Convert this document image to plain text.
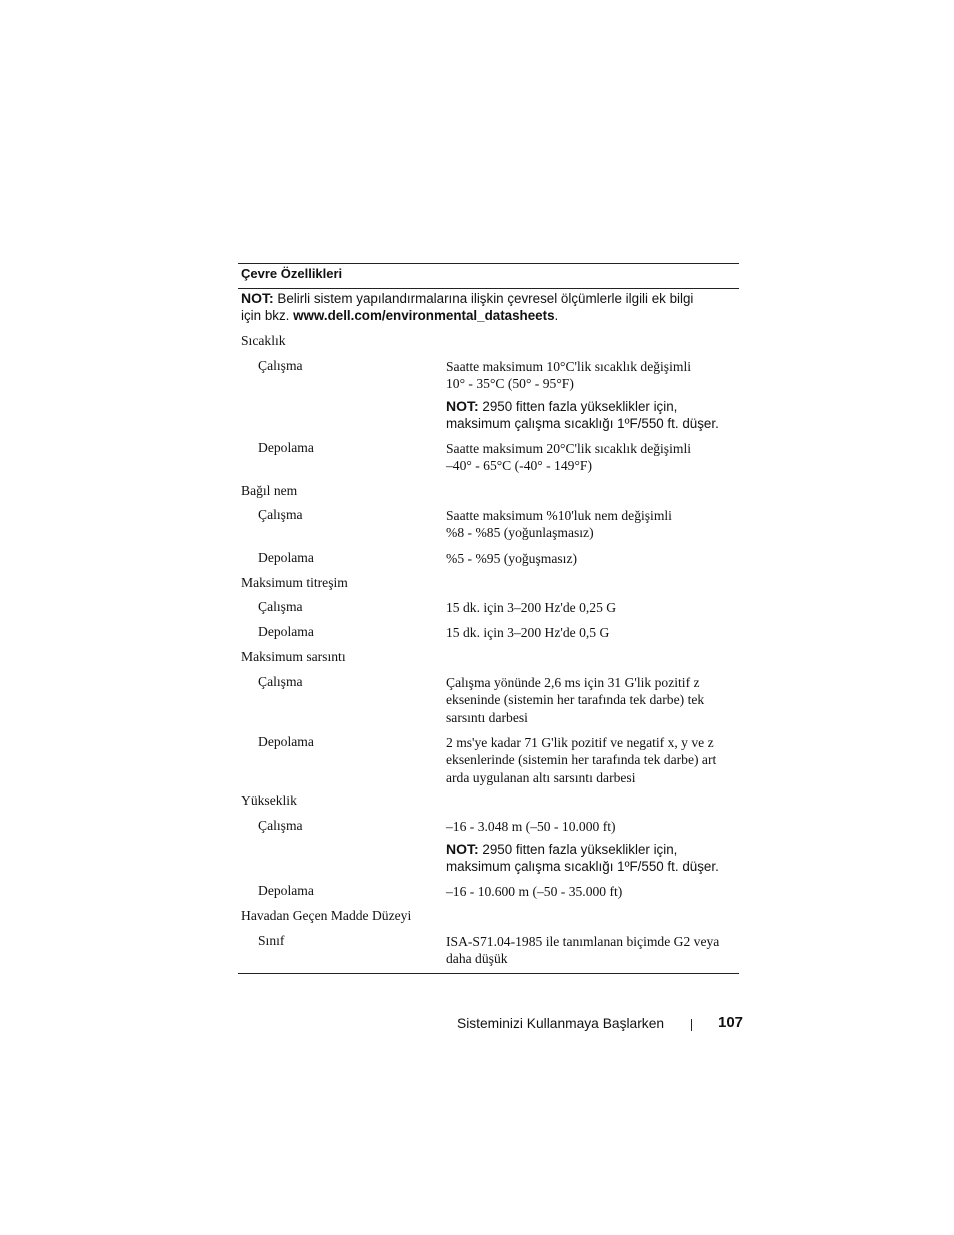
Çevre Özellikleri
NOT: Belirli sistem yapılandırmalarına ilişkin çevresel ölçümlerle ilgili ek bilgi
için bkz. www.dell.com/environmental_datasheets.
Sıcaklık
Çalışma	Saatte maksimum 10°C'lik sıcaklık değişimli
10° - 35°C (50° - 95°F)
NOT: 2950 fitten fazla yükseklikler için,
maksimum çalışma sıcaklığı 1ºF/550 ft. düşer.
Depolama	Saatte maksimum 20°C'lik sıcaklık değişimli
–40° - 65°C (-40° - 149°F)
Bağıl nem
Çalışma	Saatte maksimum %10'luk nem değişimli
%8 - %85 (yoğunlaşmasız)
Depolama	%5 - %95 (yoğuşmasız)
Maksimum titreşim
Çalışma	15 dk. için 3–200 Hz'de 0,25 G
Depolama	15 dk. için 3–200 Hz'de 0,5 G
Maksimum sarsıntı
Çalışma	Çalışma yönünde 2,6 ms için 31 G'lik pozitif z
ekseninde (sistemin her tarafında tek darbe) tek
sarsıntı darbesi
Depolama	2 ms'ye kadar 71 G'lik pozitif ve negatif x, y ve z
eksenlerinde (sistemin her tarafında tek darbe) art
arda uygulanan altı sarsıntı darbesi
Yükseklik
Çalışma	–16 - 3.048 m (–50 - 10.000 ft)
NOT: 2950 fitten fazla yükseklikler için,
maksimum çalışma sıcaklığı 1ºF/550 ft. düşer.
Depolama	–16 - 10.600 m (–50 - 35.000 ft)
Havadan Geçen Madde Düzeyi
Sınıf	ISA-S71.04-1985 ile tanımlanan biçimde G2 veya
daha düşük
Sisteminizi Kullanmaya Başlarken	107
